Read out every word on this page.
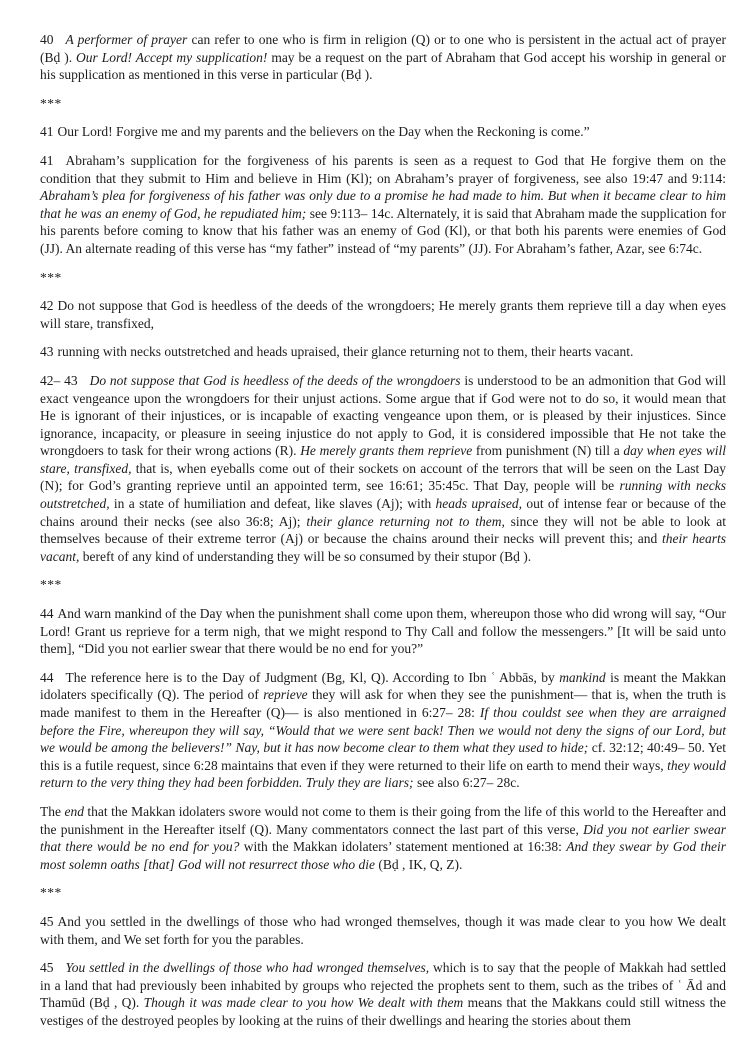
40 A performer of prayer can refer to one who is firm in religion (Q) or to one who is persistent in the actual act of prayer (Bḍ ). Our Lord! Accept my supplication! may be a request on the part of Abraham that God accept his worship in general or his supplication as mentioned in this verse in particular (Bḍ ).

***

41 Our Lord! Forgive me and my parents and the believers on the Day when the Reckoning is come.”

41 Abraham’s supplication for the forgiveness of his parents is seen as a request to God that He forgive them on the condition that they submit to Him and believe in Him (Kl); on Abraham’s prayer of forgiveness, see also 19:47 and 9:114: Abraham’s plea for forgiveness of his father was only due to a promise he had made to him. But when it became clear to him that he was an enemy of God, he repudiated him; see 9:113– 14c. Alternately, it is said that Abraham made the supplication for his parents before coming to know that his father was an enemy of God (Kl), or that both his parents were enemies of God (JJ). An alternate reading of this verse has “my father” instead of “my parents” (JJ). For Abraham’s father, Azar, see 6:74c.

***

42 Do not suppose that God is heedless of the deeds of the wrongdoers; He merely grants them reprieve till a day when eyes will stare, transfixed,

43 running with necks outstretched and heads upraised, their glance returning not to them, their hearts vacant.

42– 43 Do not suppose that God is heedless of the deeds of the wrongdoers is understood to be an admonition that God will exact vengeance upon the wrongdoers for their unjust actions. Some argue that if God were not to do so, it would mean that He is ignorant of their injustices, or is incapable of exacting vengeance upon them, or is pleased by their injustices. Since ignorance, incapacity, or pleasure in seeing injustice do not apply to God, it is considered impossible that He not take the wrongdoers to task for their wrong actions (R). He merely grants them reprieve from punishment (N) till a day when eyes will stare, transfixed, that is, when eyeballs come out of their sockets on account of the terrors that will be seen on the Last Day (N); for God’s granting reprieve until an appointed term, see 16:61; 35:45c. That Day, people will be running with necks outstretched, in a state of humiliation and defeat, like slaves (Aj); with heads upraised, out of intense fear or because of the chains around their necks (see also 36:8; Aj); their glance returning not to them, since they will not be able to look at themselves because of their extreme terror (Aj) or because the chains around their necks will prevent this; and their hearts vacant, bereft of any kind of understanding they will be so consumed by their stupor (Bḍ ).

***

44 And warn mankind of the Day when the punishment shall come upon them, whereupon those who did wrong will say, “Our Lord! Grant us reprieve for a term nigh, that we might respond to Thy Call and follow the messengers.” [It will be said unto them], “Did you not earlier swear that there would be no end for you?”

44 The reference here is to the Day of Judgment (Bg, Kl, Q). According to Ibn ʿ Abbās, by mankind is meant the Makkan idolaters specifically (Q). The period of reprieve they will ask for when they see the punishment— that is, when the truth is made manifest to them in the Hereafter (Q)— is also mentioned in 6:27– 28: If thou couldst see when they are arraigned before the Fire, whereupon they will say, “Would that we were sent back! Then we would not deny the signs of our Lord, but we would be among the believers!” Nay, but it has now become clear to them what they used to hide; cf. 32:12; 40:49– 50. Yet this is a futile request, since 6:28 maintains that even if they were returned to their life on earth to mend their ways, they would return to the very thing they had been forbidden. Truly they are liars; see also 6:27– 28c.

The end that the Makkan idolaters swore would not come to them is their going from the life of this world to the Hereafter and the punishment in the Hereafter itself (Q). Many commentators connect the last part of this verse, Did you not earlier swear that there would be no end for you? with the Makkan idolaters’ statement mentioned at 16:38: And they swear by God their most solemn oaths [that] God will not resurrect those who die (Bḍ , IK, Q, Z).

***

45 And you settled in the dwellings of those who had wronged themselves, though it was made clear to you how We dealt with them, and We set forth for you the parables.

45 You settled in the dwellings of those who had wronged themselves, which is to say that the people of Makkah had settled in a land that had previously been inhabited by groups who rejected the prophets sent to them, such as the tribes of ʿ Ād and Thamūd (Bḍ , Q). Though it was made clear to you how We dealt with them means that the Makkans could still witness the vestiges of the destroyed peoples by looking at the ruins of their dwellings and hearing the stories about them
